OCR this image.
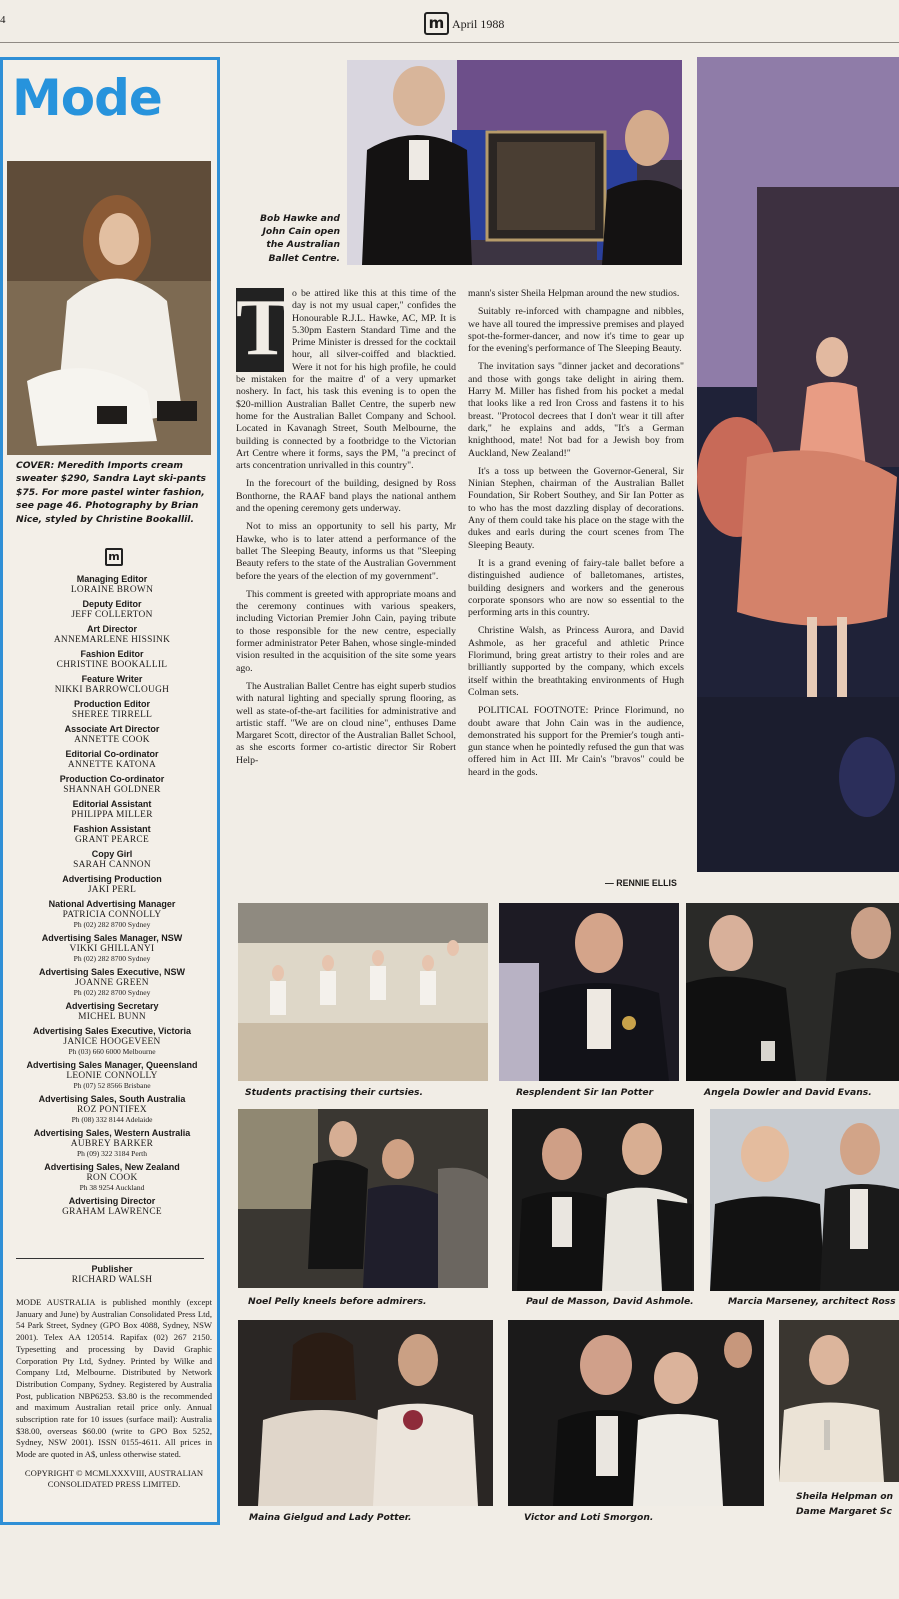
4	m April 1988
Mode
COVER: Meredith Imports cream sweater $290, Sandra Layt ski-pants $75. For more pastel winter fashion, see page 46. Photography by Brian Nice, styled by Christine Bookallil.
m
Managing Editor
LORAINE BROWN
Deputy Editor
JEFF COLLERTON
Art Director
ANNEMARLENE HISSINK
Fashion Editor
CHRISTINE BOOKALLIL
Feature Writer
NIKKI BARROWCLOUGH
Production Editor
SHEREE TIRRELL
Associate Art Director
ANNETTE COOK
Editorial Co-ordinator
ANNETTE KATONA
Production Co-ordinator
SHANNAH GOLDNER
Editorial Assistant
PHILIPPA MILLER
Fashion Assistant
GRANT PEARCE
Copy Girl
SARAH CANNON
Advertising Production
JAKI PERL
National Advertising Manager
PATRICIA CONNOLLY
Ph (02) 282 8700 Sydney
Advertising Sales Manager, NSW
VIKKI GHILLANYI
Ph (02) 282 8700 Sydney
Advertising Sales Executive, NSW
JOANNE GREEN
Ph (02) 282 8700 Sydney
Advertising Secretary
MICHEL BUNN
Advertising Sales Executive, Victoria
JANICE HOOGEVEEN
Ph (03) 660 6000 Melbourne
Advertising Sales Manager, Queensland
LEONIE CONNOLLY
Ph (07) 52 8566 Brisbane
Advertising Sales, South Australia
ROZ PONTIFEX
Ph (08) 332 8144 Adelaide
Advertising Sales, Western Australia
AUBREY BARKER
Ph (09) 322 3184 Perth
Advertising Sales, New Zealand
RON COOK
Ph 38 9254 Auckland
Advertising Director
GRAHAM LAWRENCE
Publisher
RICHARD WALSH
MODE AUSTRALIA is published monthly (except January and June) by Australian Consolidated Press Ltd, 54 Park Street, Sydney (GPO Box 4088, Sydney, NSW 2001). Telex AA 120514. Rapifax (02) 267 2150. Typesetting and processing by David Graphic Corporation Pty Ltd, Sydney. Printed by Wilke and Company Ltd, Melbourne. Distributed by Network Distribution Company, Sydney. Registered by Australia Post, publication NBP6253. $3.80 is the recommended and maximum Australian retail price only. Annual subscription rate for 10 issues (surface mail): Australia $38.00, overseas $60.00 (write to GPO Box 5252, Sydney, NSW 2001). ISSN 0155-4611. All prices in Mode are quoted in A$, unless otherwise stated.
COPYRIGHT © MCMLXXXVIII, AUSTRALIAN CONSOLIDATED PRESS LIMITED.
Bob Hawke and John Cain open the Australian Ballet Centre.
T o be attired like this at this time of the day is not my usual caper," confides the Honourable R.J.L. Hawke, AC, MP. It is 5.30pm Eastern Standard Time and the Prime Minister is dressed for the cocktail hour, all silver-coiffed and blacktied. Were it not for his high profile, he could be mistaken for the maitre d' of a very upmarket noshery. In fact, his task this evening is to open the $20-million Australian Ballet Centre, the superb new home for the Australian Ballet Company and School. Located in Kavanagh Street, South Melbourne, the building is connected by a footbridge to the Victorian Art Centre where it forms, says the PM, "a precinct of arts concentration unrivalled in this country".

In the forecourt of the building, designed by Ross Bonthorne, the RAAF band plays the national anthem and the opening ceremony gets underway.

Not to miss an opportunity to sell his party, Mr Hawke, who is to later attend a performance of the ballet The Sleeping Beauty, informs us that "Sleeping Beauty refers to the state of the Australian Government before the years of the election of my government".

This comment is greeted with appropriate moans and the ceremony continues with various speakers, including Victorian Premier John Cain, paying tribute to those responsible for the new centre, especially former administrator Peter Bahen, whose single-minded vision resulted in the acquisition of the site some years ago.

The Australian Ballet Centre has eight superb studios with natural lighting and specially sprung flooring, as well as state-of-the-art facilities for administrative and artistic staff. "We are on cloud nine", enthuses Dame Margaret Scott, director of the Australian Ballet School, as she escorts former co-artistic director Sir Robert Help-

mann's sister Sheila Helpman around the new studios.

Suitably re-inforced with champagne and nibbles, we have all toured the impressive premises and played spot-the-former-dancer, and now it's time to gear up for the evening's performance of The Sleeping Beauty.

The invitation says "dinner jacket and decorations" and those with gongs take delight in airing them. Harry M. Miller has fished from his pocket a medal that looks like a red Iron Cross and fastens it to his breast. "Protocol decrees that I don't wear it till after dark," he explains and adds, "It's a German knighthood, mate! Not bad for a Jewish boy from Auckland, New Zealand!"

It's a toss up between the Governor-General, Sir Ninian Stephen, chairman of the Australian Ballet Foundation, Sir Robert Southey, and Sir Ian Potter as to who has the most dazzling display of decorations. Any of them could take his place on the stage with the dukes and earls during the court scenes from The Sleeping Beauty.

It is a grand evening of fairy-tale ballet before a distinguished audience of balletomanes, artistes, building designers and workers and the generous corporate sponsors who are now so essential to the performing arts in this country.

Christine Walsh, as Princess Aurora, and David Ashmole, as her graceful and athletic Prince Florimund, bring great artistry to their roles and are brilliantly supported by the company, which excels itself within the breathtaking environments of Hugh Colman sets.

POLITICAL FOOTNOTE: Prince Florimund, no doubt aware that John Cain was in the audience, demonstrated his support for the Premier's tough anti-gun stance when he pointedly refused the gun that was offered him in Act III. Mr Cain's "bravos" could be heard in the gods.

— RENNIE ELLIS
Students practising their curtsies.	Resplendent Sir Ian Potter	Angela Dowler and David Evans.
Noel Pelly kneels before admirers.	Paul de Masson, David Ashmole.	Marcia Marseney, architect Ross
Maina Gielgud and Lady Potter.	Victor and Loti Smorgon.
Sheila Helpman on
Dame Margaret Sc
